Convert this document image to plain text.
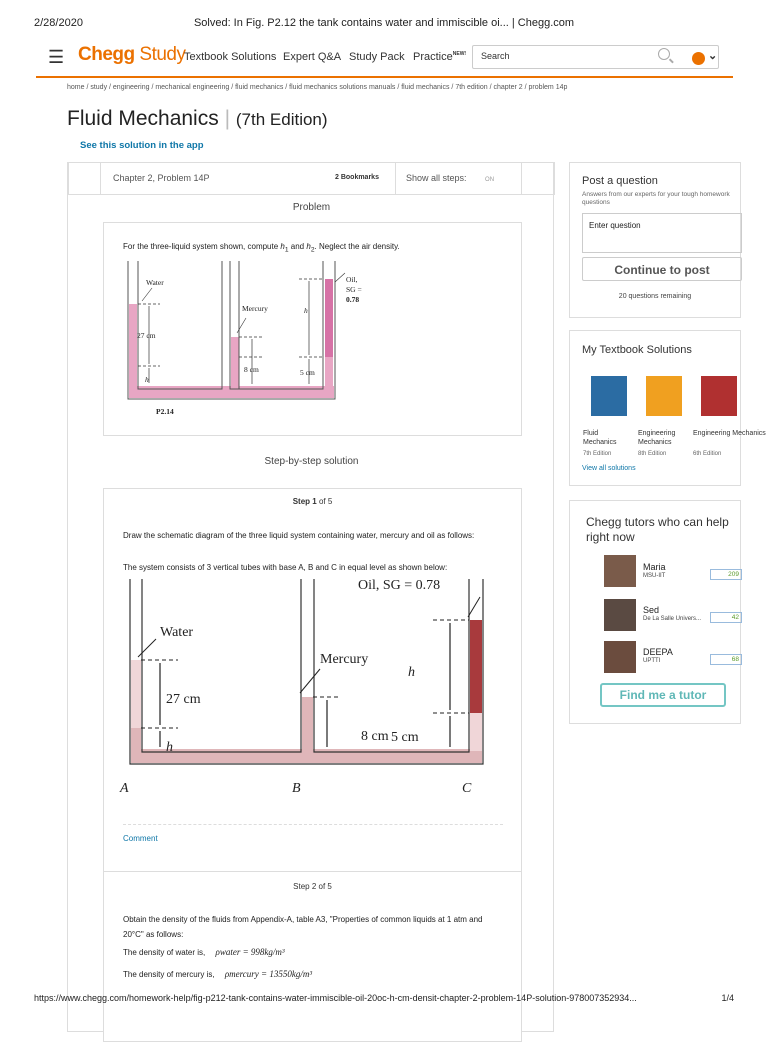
2/28/2020	Solved: In Fig. P2.12 the tank contains water and immiscible oi... | Chegg.com
☰ Chegg Study
Textbook Solutions Expert Q&A Study Pack Practice$^{NEW!}$	Search	⌄
home / study / engineering / mechanical engineering / fluid mechanics / fluid mechanics solutions manuals / fluid mechanics / 7th edition / chapter 2 / problem 14p
Fluid Mechanics | (7th Edition)
See this solution in the app
Chapter 2, Problem 14P	2 Bookmarks	Show all steps:	ON
Problem
For the three-liquid system shown, compute $h_1$ and $h_2$. Neglect the air density.
Water
27 cm
h
Mercury
8 cm
h
5 cm
Oil,
SG =
0.78
P2.14
Step-by-step solution
Step 1 of 5
Draw the schematic diagram of the three liquid system containing water, mercury and oil as follows:
The system consists of 3 vertical tubes with base A, B and C in equal level as shown below:
Oil, SG = 0.78
Water
27 cm
h
Mercury
8 cm
h
5 cm
A	B	C
Comment
Step 2 of 5
Obtain the density of the fluids from Appendix-A, table A3, "Properties of common liquids at 1 atm and 20°C" as follows:
The density of water is, ρwater = 998kg/m³
The density of mercury is, ρmercury = 13550kg/m³
Post a question
Answers from our experts for your tough homework questions
Enter question
Continue to post
20 questions remaining
My Textbook Solutions
Fluid Mechanics
Engineering Mechanics
Engineering Mechanics
7th Edition	8th Edition	6th Edition
View all solutions
Chegg tutors who can help right now
Maria
MSU-IIT	209
Sed
De La Salle Univers...	42
DEEPA
UPTTI	68
Find me a tutor
https://www.chegg.com/homework-help/fig-p212-tank-contains-water-immiscible-oil-20oc-h-cm-densit-chapter-2-problem-14P-solution-978007352934...	1/4
